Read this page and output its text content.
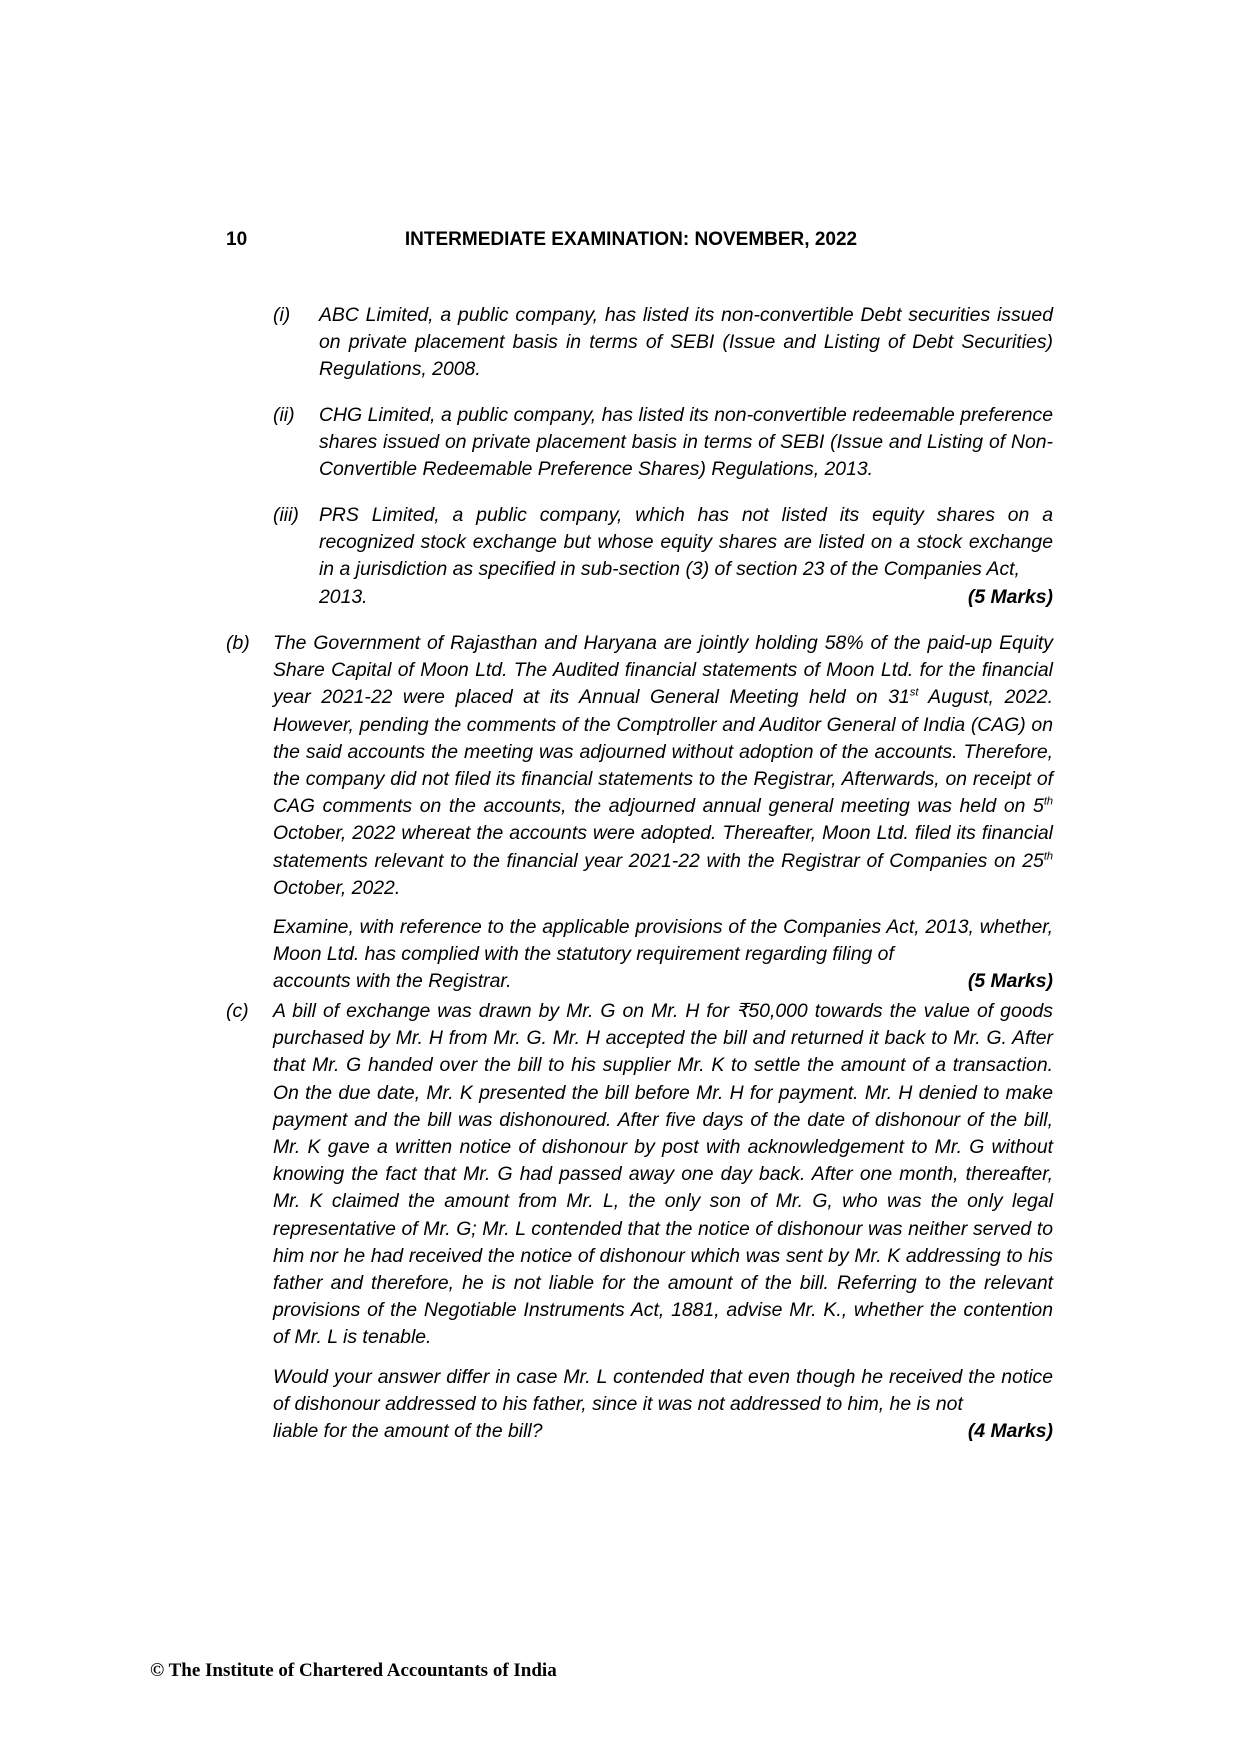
10	INTERMEDIATE EXAMINATION: NOVEMBER, 2022
(i)	ABC Limited, a public company, has listed its non-convertible Debt securities issued on private placement basis in terms of SEBI (Issue and Listing of Debt Securities) Regulations, 2008.

(ii)	CHG Limited, a public company, has listed its non-convertible redeemable preference shares issued on private placement basis in terms of SEBI (Issue and Listing of Non-Convertible Redeemable Preference Shares) Regulations, 2013.

(iii)	PRS Limited, a public company, which has not listed its equity shares on a recognized stock exchange but whose equity shares are listed on a stock exchange in a jurisdiction as specified in sub-section (3) of section 23 of the Companies Act,

2013.	(5 Marks)
(b)	The Government of Rajasthan and Haryana are jointly holding 58% of the paid-up Equity Share Capital of Moon Ltd. The Audited financial statements of Moon Ltd. for the financial year 2021-22 were placed at its Annual General Meeting held on 31st August, 2022. However, pending the comments of the Comptroller and Auditor General of India (CAG) on the said accounts the meeting was adjourned without adoption of the accounts. Therefore, the company did not filed its financial statements to the Registrar, Afterwards, on receipt of CAG comments on the accounts, the adjourned annual general meeting was held on 5th October, 2022 whereat the accounts were adopted. Thereafter, Moon Ltd. filed its financial statements relevant to the financial year 2021-22 with the Registrar of Companies on 25th October, 2022.

Examine, with reference to the applicable provisions of the Companies Act, 2013, whether, Moon Ltd. has complied with the statutory requirement regarding filing of
accounts with the Registrar.	(5 Marks)
(c)	A bill of exchange was drawn by Mr. G on Mr. H for ₹50,000 towards the value of goods purchased by Mr. H from Mr. G. Mr. H accepted the bill and returned it back to Mr. G. After that Mr. G handed over the bill to his supplier Mr. K to settle the amount of a transaction. On the due date, Mr. K presented the bill before Mr. H for payment. Mr. H denied to make payment and the bill was dishonoured. After five days of the date of dishonour of the bill, Mr. K gave a written notice of dishonour by post with acknowledgement to Mr. G without knowing the fact that Mr. G had passed away one day back. After one month, thereafter, Mr. K claimed the amount from Mr. L, the only son of Mr. G, who was the only legal representative of Mr. G; Mr. L contended that the notice of dishonour was neither served to him nor he had received the notice of dishonour which was sent by Mr. K addressing to his father and therefore, he is not liable for the amount of the bill. Referring to the relevant provisions of the Negotiable Instruments Act, 1881, advise Mr. K., whether the contention of Mr. L is tenable.

Would your answer differ in case Mr. L contended that even though he received the notice of dishonour addressed to his father, since it was not addressed to him, he is not
liable for the amount of the bill?	(4 Marks)
© The Institute of Chartered Accountants of India
